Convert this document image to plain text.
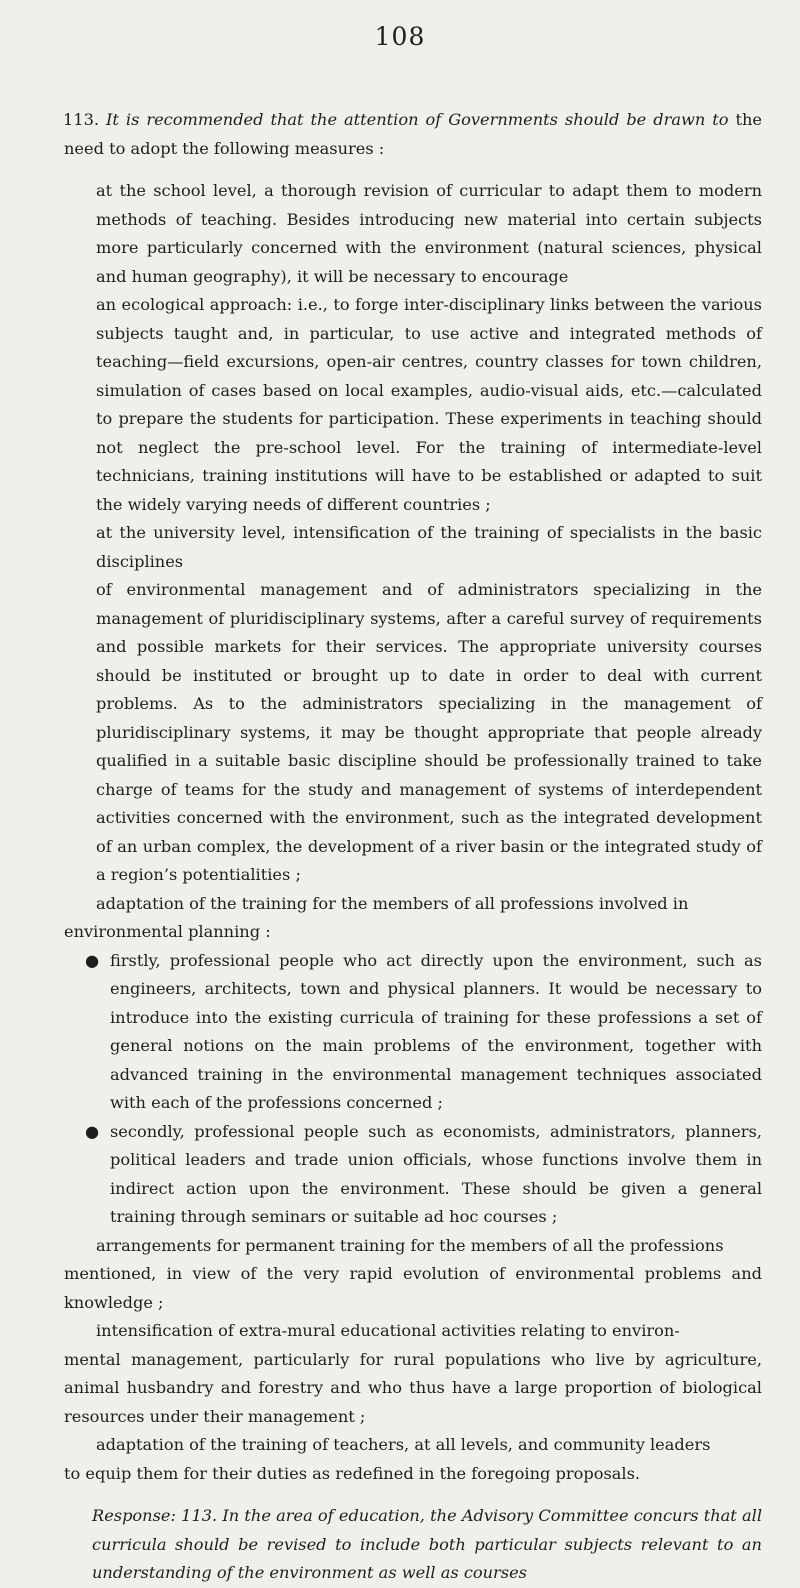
108

113. It is recommended that the attention of Governments should be drawn to the need to adopt the following measures :

at the school level, a thorough revision of curricular to adapt them to modern methods of teaching. Besides introducing new material into certain subjects more particularly concerned with the environment (natural sciences, physical and human geography), it will be necessary to encourage

an ecological approach: i.e., to forge inter-disciplinary links between the various subjects taught and, in particular, to use active and integrated methods of teaching—field excursions, open-air centres, country classes for town children, simulation of cases based on local examples, audio-visual aids, etc.—calculated to prepare the students for participation. These experiments in teaching should not neglect the pre-school level. For the training of intermediate-level technicians, training institutions will have to be established or adapted to suit the widely varying needs of different countries ;

at the university level, intensification of the training of specialists in the basic disciplines

of environmental management and of administrators specializing in the management of pluridisciplinary systems, after a careful survey of requirements and possible markets for their services. The appropriate university courses should be instituted or brought up to date in order to deal with current problems. As to the administrators specializing in the management of pluridisciplinary systems, it may be thought appropriate that people already qualified in a suitable basic discipline should be professionally trained to take charge of teams for the study and management of systems of interdependent activities concerned with the environment, such as the integrated development of an urban complex, the development of a river basin or the integrated study of a region’s potentialities ;

adaptation of the training for the members of all professions involved in

environmental planning :

● firstly, professional people who act directly upon the environment, such as engineers, architects, town and physical planners. It would be necessary to introduce into the existing curricula of training for these professions a set of general notions on the main problems of the environment, together with advanced training in the environmental management techniques associated with each of the professions concerned ;

● secondly, professional people such as economists, administrators, planners, political leaders and trade union officials, whose functions involve them in indirect action upon the environment. These should be given a general training through seminars or suitable ad hoc courses ;

arrangements for permanent training for the members of all the professions

mentioned, in view of the very rapid evolution of environmental problems and knowledge ;

intensification of extra-mural educational activities relating to environ-

mental management, particularly for rural populations who live by agriculture, animal husbandry and forestry and who thus have a large proportion of biological resources under their management ;

adaptation of the training of teachers, at all levels, and community leaders

to equip them for their duties as redefined in the foregoing proposals.

Response: 113. In the area of education, the Advisory Committee concurs that all curricula should be revised to include both particular subjects relevant to an understanding of the environment as well as courses
